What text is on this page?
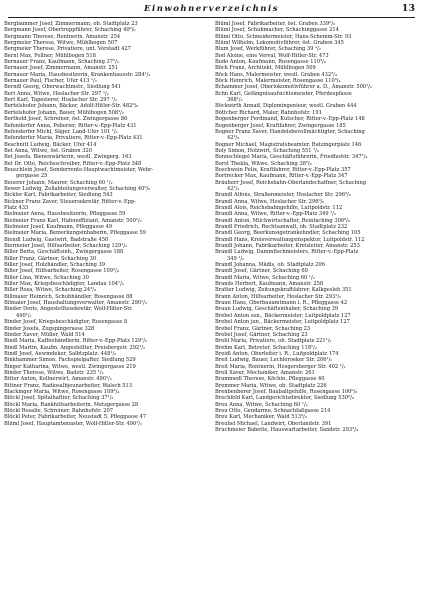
Einwohnerverzeichnis	13
Bergbammer Josef, Zimmermann, ob. Stadtplatz 23
Bergmann Josef, Obertruppführer, Schaching 40⁰/₀
Bergmann Therese, Rentnerin, Amanstr. 254
Bergmeier Therese, Witwe, Mühlbogen 507
Bergmeier Therese, Privatiere, unt. Vorstadt 427
Bernl Max, Fellner, Mühlbogen 518
Bernauer Franz, Kaufmann, Schaching 37¹/₂
Bernauer Josef, Zimmermann, Amanstr. 251
Bernauer Maria, Hausbesitzerin, Krankenhausstr. 284¹/₂
Bernauer Paul, Fischer, Ufer 413 ¹/₃
Berndl Georg, Oberwachtmstr., Siedlung 541
Bert Anna, Witwe, Hoslacher Str. 297 ¹/₂
Bert Karl, Tapezierer, Hoslacher Str. 297 ¹/₂
Bertelshofer Johann, Bäcker, Adolf-Hitler-Str. 482⁰/₀
Bertelshofer Johann, Bauer, Mühlbogen 508¹/₂
Berthold Josef, Schreiner, öst. Zwingergasse 86
Befenderfer Anna, Polierier, Ritter-v.-Epp-Platz 431
Befenderfer Michl, Säger, Land-Ufer 101 ¹/₂
Befenderfer Maria, Privatiere, Ritter-v.-Epp-Platz 431
Beschnitt Ludwig, Bäcker, Ufer 414
Bet Anna, Witwe, öst. Graben 320
Bet Josefa, Bienenwärterin, westl. Zwingerg. 163
Bet Dr. Otto, Reichsschreiber, Ritter-v.-Epp-Platz 348
Beuschlein Josef, Sonderrente-Hauptwachtmeister, Wehr-
gergasse 25
Beuerer Johann, Maurer, Schaching 60 ¹/₂
Bewer Ludwig, Zollabteilungsverwalter, Schaching 40⁰/₀
Bickler Karl, Fabrikarbeiter, Siedlung 543
Bickner Franz Zaver, Steuersekretär, Ritter-v.-Epp-
Platz 433
Bielmeier Anna, Hausbesitzerin, Pfleggasse 59
Bielmeier Franz Karl, Hafenoffiziant, Amanstr. 500¹/₂
Bielmeier Josef, Kaufmann, Pfleggasse 49
Bielmeier Maria, Bemerkungsinhaberin, Pfleggasse 59
Biendl Ludwig, Gastwirt, Badstraße 450
Biermeier Josef, Hilfsarbeiter, Schaching 129¹/₂
Biller Berta, Geschäftsinh., Zwingergasse 188
Biller Franz, Gärtner, Schaching 30
Biller Josef, Holzhändler, Schaching 39
Biller Josef, Hilfsarbeiter, Rosengasse 109³/₄
Biller Lina, Witwe, Schaching 30
Biller Max, Kriegsbeschädigter, Landau 104¹/₂
Biller Rosa, Witwe, Schaching 24³/₄
Billmaier Heinrich, Schuhhändler, Rosengasse 88
Bilmaier Josef, Haushaltungsverwalter, Amanstr. 290¹/₂
Binder Doris, Angestelltesekretär, Wolf-Hitler-Str.
490¹/₂
Binder Josef, Kriegsbeschädigter, Rosengasse 8
Binder Josefa, Zugspingerasse 328
Binder Xaver, Müller, Wald 514
Bindl Maria, Kaffeehändlerin, Ritter-v.-Epp-Platz 129¹/₂
Bindl Martin, Kaufm. Angestellter, Preisbergstr. 292¹/₂
Bindl Josef, Auwmdeker, Salbtzplatz. 448¹/₂
Binkhammer Simon, Fachspielpafter, Siedlung 529
Binger Katharina, Witwe, westl. Zwingergasse 219
Binder Therese, Witwe, Badstr. 235 ¹/₂
Bitter Anton, Kellnerwirt, Amanstr. 490¹/₂
Bittner Franz, Radiosalbjeunarbeiter, Walsch 513
Blackinger Maria, Witwe, Rosengasse 109³/₄
Blöckl Josef, Spitalhaftier, Schaching 37¹/₂
Blöckl Maria, Rankhilfsarbeiterin, Metzgergasse 28
Blöckl Rosalie, Schreiner, Bahnhofstr. 207
Blöckl Peter, Fabrikarbeiter, Neustadt 5. Pfleggasse 47
Blüml Josef, Hauptamtsmaster, Wolf-Hitler-Str. 490¹/₂
Blüml Josef, Fabrikarbeiter, öst. Graben 339⁰/₀
Blüml Josef, Schuhmacher, Schachinggasse 214
Blüml Otto, Schneidermeister, Hans-Schemm-Str. 93
Blüml Wilhelm, Lokomotivführer, öst. Graben 345
Blum Josef, Werkführer, Schaching 39 ¹/₂
Bod Aloine, eine Verval, Wolf-Hitler-Str. 473
Bodo Anton, Kaufmann, Rosengasse 110³/₄
Böck Franz, Architekt, Mühlbogen 509
Böck Hans, Malermeister, westl. Graben 432³/₄
Böck Heinrich, Malermeister, Rosengasse 110³/₄
Bchammer Josef, Oberlokomotivführer a. D., Amanstr. 500¹/₂
Bchn Karl, Gefängnisaufsichtsmeister, Pferdespfasse
368¹/₂
Böckwirth Annaif, Diplomingenieur, westl. Graben 444
Böttcher Richard, Maler, Bahnhofstr. 191
Bogenberger Ferdinand, Kutscher, Ritter-v.-Epp-Platz 148
Bogenberger Josef, Kraftfahrer, Zwingergasse 185
Bogner Franz Xaver, Handelsbevollmächtigter, Schaching
42¹/₂
Bogner Michael, Magistratsbeamter, Ratzingerplatz 146
Boly Simon, Holzwirt, Schaching 551 ¹/₂
Bonnschlegel Maria, Geschäftsführerin, Friedhofstr. 347¹/₄
Borst Thekla, Witwe, Schaching 38⁰/₀
Boschwein Felix, Kraftfahrer, Ritter-v.-Epp-Platz 357
Bortrecker Max, Kaufmann, Ritter-v.-Epp-Platz 347
Bräuherr Josef, Reichsbahn-Oberlandschaffner, Schaching
42¹/₂
Brandl Alfons, Straßenmeister, Hoslacher Str. 296⁰/₀
Brandl Anna, Witwe, Hoslacher Str. 296⁰/₀
Brandl Alois, Reichsbahngehilfe, Luitpoldstr. 112
Brandl Anna, Witwe, Ritter-v.-Epp-Platz 349 ¹/₂
Brandl Anton, Milchwirtschafter, Reinfaching 306⁰/₀
Brandl Friedrich, Rechtsanwalt, ob. Stadtplatz 232
Brandl Georg, Beerkunsigetrankehndler, Schaching 105
Brandl Hans, Kreisverwaltungsinspektor, Luitpoldstr. 112
Brandl Johann, Fabrikarbeiter, Kreisleiter, Amanstr. 253
Brandl Ludwig, Dammfischmeisters, Ritter-v.-Epp-Platz
349 ¹/₂
Brandl Johanna, Mädls, ob. Stadtplatz 206
Brandl Josef, Gärtner, Schaching 60
Brandl Maria, Witwe, Schaching 60 ¹/₂
Brands Herbert, Kaufmann, Amanstr. 258
Bratter Ludwig, Zeitungskraftfahrer, Kalkgesleh 351
Brann Anton, Hilfsarbeiter, Hoslacher Str. 293¹/₂
Braun Hans, Oberbauamtmann i. R., Pfleggasse 42
Braun Ludwig, Geschäftsinhaber, Schaching 39
Brebel Anton sen., Bäckermeister, Luitpoldplatz 127
Brebel Anton jun., Bäckermeister, Luitpoldplatz 127
Brebel Franz, Gärtner, Schaching 23
Brebel Josef, Gärtner, Schaching 23
Brebl Maria, Privatiere, ob. Stadtplatz 221¹/₂
Brehm Karl, Betreter, Schaching 118¹/₂
Breidl Anton, Oberleiter i. R., Luitpoldplatz 174
Breit Ludwig, Bauer, Lechleroeker Str. 206¹/₂
Breit Maria, Rentnerin, Hesgersberger Str. 402 ¹/₂
Breil Xaver, Mechaniker, Amanstr. 261
Brammedl Therese, Köchin, Pfleggasse 40
Bremmer Maria, Witwe, ob. Stadtplatz 226
Brenbenberer Josef, Baubaltgehilfe, Rosengasse 100⁰/₀
Brechfeld Karl, Landgerichtsdirektor, Siedlung 530⁰/₀
Breu Anna, Witwe, Schaching 60 ¹/₂
Breu Otto, Gendarme, Schnachfaßgasse 214
Breu Karl, Mechaniker, Wald 513³/₄
Breuhel Michael, Landwirt, Oberlandstr. 391
Bruchmeier Babette, Hauswartarbeiter, Sandstr. 293³/₄
